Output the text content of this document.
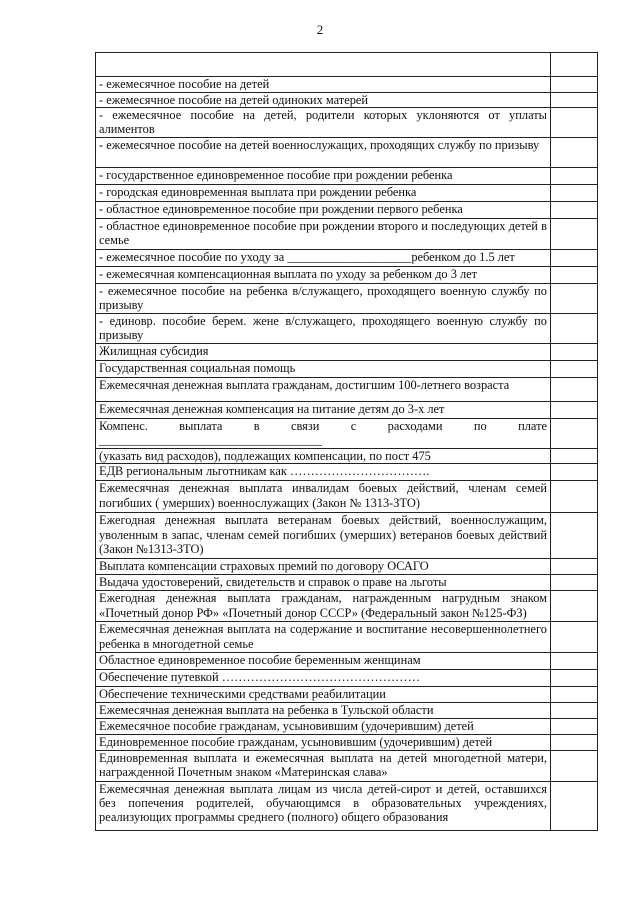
2

- ежемесячное пособие на детей	
- ежемесячное пособие на детей одиноких матерей	
- ежемесячное пособие на детей, родители которых уклоняются от уплаты алиментов	
- ежемесячное пособие на детей военнослужащих, проходящих службу по призыву	
- государственное единовременное пособие при рождении ребенка	
- городская единовременная выплата при рождении ребенка	
- областное единовременное пособие при рождении первого ребенка	
- областное единовременное пособие при рождении второго и последующих детей в семье	
- ежемесячное пособие по уходу за ____________________ребенком до 1.5 лет	
- ежемесячная компенсационная выплата по уходу за ребенком до 3 лет	
- ежемесячное пособие на ребенка в/служащего, проходящего военную службу по призыву	
- единовр. пособие берем. жене в/служащего, проходящего военную службу по призыву	
Жилищная субсидия	
Государственная социальная помощь	
Ежемесячная денежная выплата гражданам, достигшим 100-летнего возраста	
Ежемесячная денежная компенсация на питание детям до 3-х лет	
Компенс. выплата в связи с расходами по плате ____________________________________	
(указать вид расходов), подлежащих компенсации, по пост 475	
ЕДВ региональным льготникам как …………………………….	
Ежемесячная денежная выплата инвалидам боевых действий, членам семей погибших ( умерших) военнослужащих (Закон № 1313-ЗТО)	
Ежегодная денежная выплата ветеранам боевых действий, военнослужащим, уволенным в запас, членам семей погибших (умерших) ветеранов боевых действий (Закон №1313-ЗТО)	
Выплата компенсации страховых премий по договору ОСАГО	
Выдача удостоверений, свидетельств и справок о праве на льготы	
Ежегодная денежная выплата гражданам, награжденным нагрудным знаком «Почетный донор РФ» «Почетный донор СССР» (Федеральный закон №125-ФЗ)	
Ежемесячная денежная выплата на содержание и воспитание несовершеннолетнего ребенка в многодетной семье	
Областное единовременное пособие беременным женщинам	
Обеспечение путевкой …………………………………………	
Обеспечение техническими средствами реабилитации	
Ежемесячная денежная выплата на ребенка в Тульской области	
Ежемесячное пособие гражданам, усыновившим (удочерившим) детей	
Единовременное пособие гражданам, усыновившим (удочерившим) детей	
Единовременная выплата и ежемесячная выплата на детей многодетной матери, награжденной Почетным знаком «Материнская слава»	
Ежемесячная денежная выплата лицам из числа детей-сирот и детей, оставшихся без попечения родителей, обучающимся в образовательных учреждениях, реализующих программы среднего (полного) общего образования	
